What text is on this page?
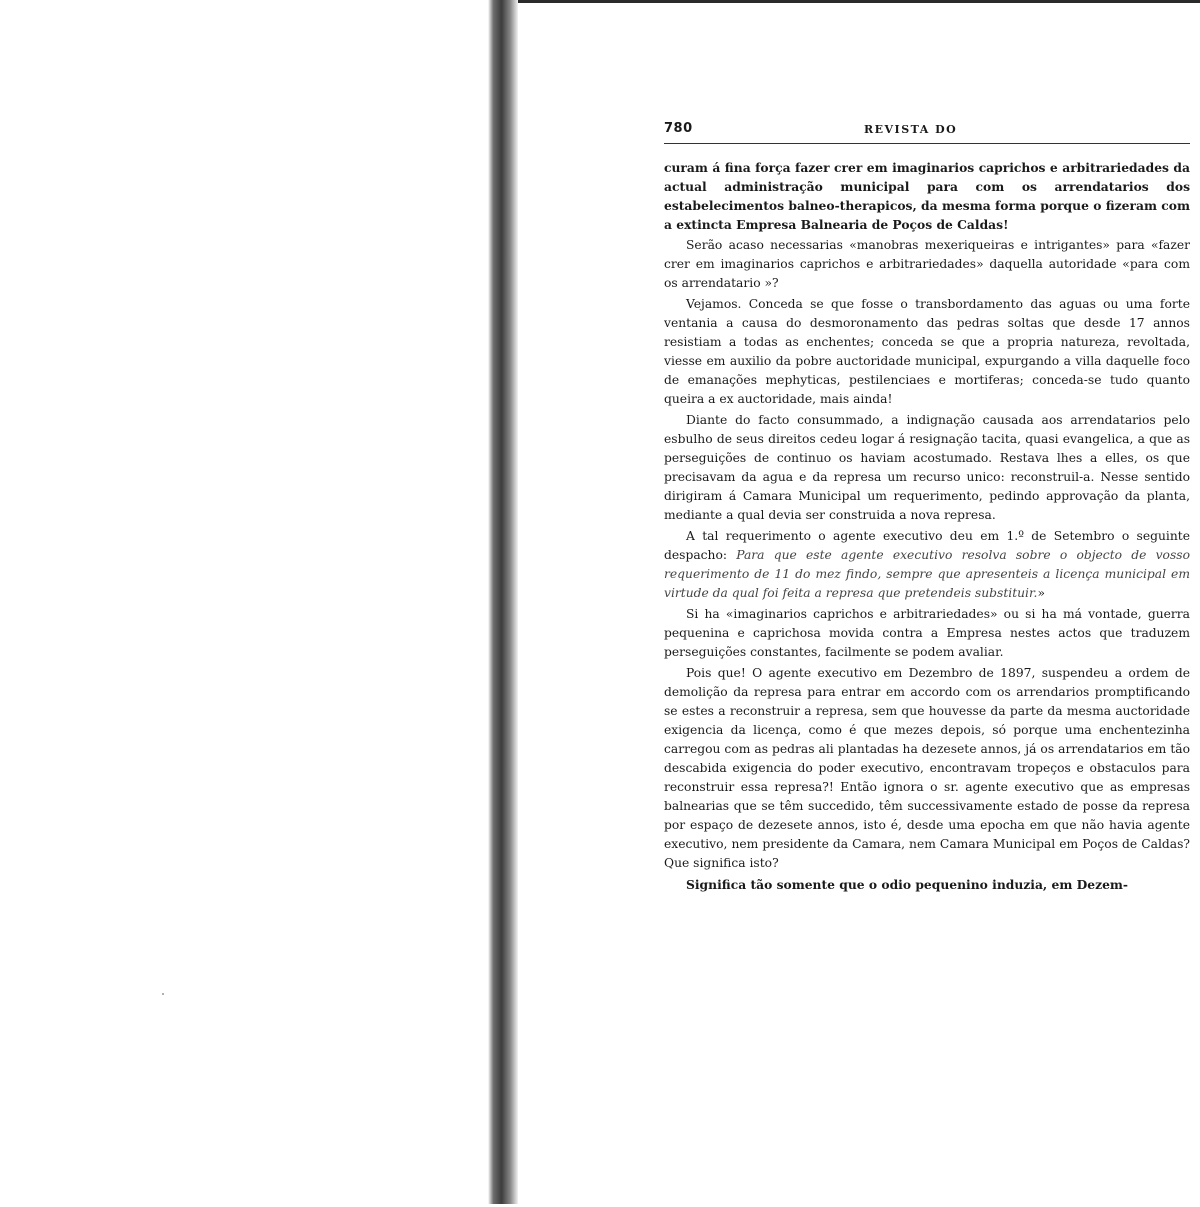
780	REVISTA DO

curam á fina força fazer crer em imaginarios caprichos e arbitrariedades da actual administração municipal para com os arrendatarios dos estabelecimentos balneo-therapicos, da mesma forma porque o fizeram com a extincta Empresa Balnearia de Poços de Caldas!

Serão acaso necessarias «manobras mexeriqueiras e intrigantes» para «fazer crer em imaginarios caprichos e arbitrariedades» daquella autoridade «para com os arrendatario »?

Vejamos. Conceda se que fosse o transbordamento das aguas ou uma forte ventania a causa do desmoronamento das pedras soltas que desde 17 annos resistiam a todas as enchentes; conceda se que a propria natureza, revoltada, viesse em auxilio da pobre auctoridade municipal, expurgando a villa daquelle foco de emanações mephyticas, pestilenciaes e mortiferas; conceda-se tudo quanto queira a ex auctoridade, mais ainda!

Diante do facto consummado, a indignação causada aos arrendatarios pelo esbulho de seus direitos cedeu logar á resignação tacita, quasi evangelica, a que as perseguições de continuo os haviam acostumado. Restava lhes a elles, os que precisavam da agua e da represa um recurso unico: reconstruil-a. Nesse sentido dirigiram á Camara Municipal um requerimento, pedindo approvação da planta, mediante a qual devia ser construida a nova represa.

A tal requerimento o agente executivo deu em 1.º de Setembro o seguinte despacho: Para que este agente executivo resolva sobre o objecto de vosso requerimento de 11 do mez findo, sempre que apresenteis a licença municipal em virtude da qual foi feita a represa que pretendeis substituir.»

Si ha «imaginarios caprichos e arbitrariedades» ou si ha má vontade, guerra pequenina e caprichosa movida contra a Empresa nestes actos que traduzem perseguições constantes, facilmente se podem avaliar.

Pois que! O agente executivo em Dezembro de 1897, suspendeu a ordem de demolição da represa para entrar em accordo com os arrendarios promptificando se estes a reconstruir a represa, sem que houvesse da parte da mesma auctoridade exigencia da licença, como é que mezes depois, só porque uma enchentezinha carregou com as pedras ali plantadas ha dezesete annos, já os arrendatarios em tão descabida exigencia do poder executivo, encontravam tropeços e obstaculos para reconstruir essa represa?! Então ignora o sr. agente executivo que as empresas balnearias que se têm succedido, têm successivamente estado de posse da represa por espaço de dezesete annos, isto é, desde uma epocha em que não havia agente executivo, nem presidente da Camara, nem Camara Municipal em Poços de Caldas? Que significa isto?

Significa tão somente que o odio pequenino induzia, em Dezem-
